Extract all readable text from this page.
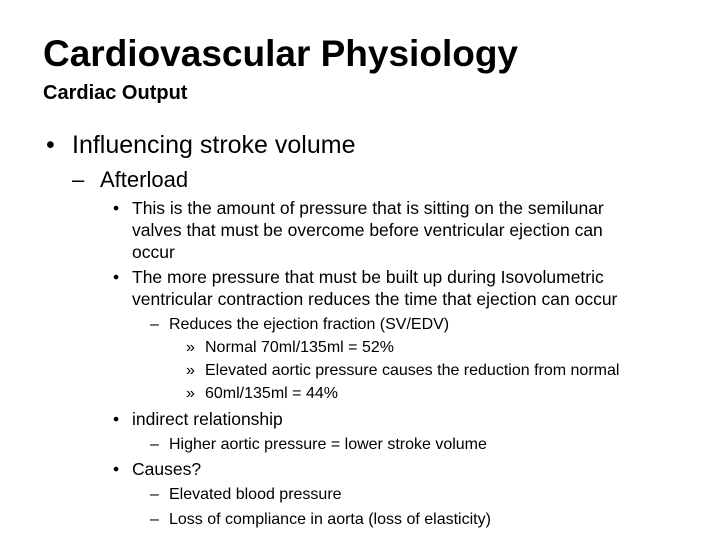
Cardiovascular Physiology
Cardiac Output
• Influencing stroke volume
– Afterload
• This is the amount of pressure that is sitting on the semilunar
valves that must be overcome before ventricular ejection can
occur
• The more pressure that must be built up during Isovolumetric
ventricular contraction reduces the time that ejection can occur
– Reduces the ejection fraction (SV/EDV)
» Normal 70ml/135ml = 52%
» Elevated aortic pressure causes the reduction from normal
» 60ml/135ml = 44%
• indirect relationship
– Higher aortic pressure = lower stroke volume
• Causes?
– Elevated blood pressure
– Loss of compliance in aorta (loss of elasticity)
